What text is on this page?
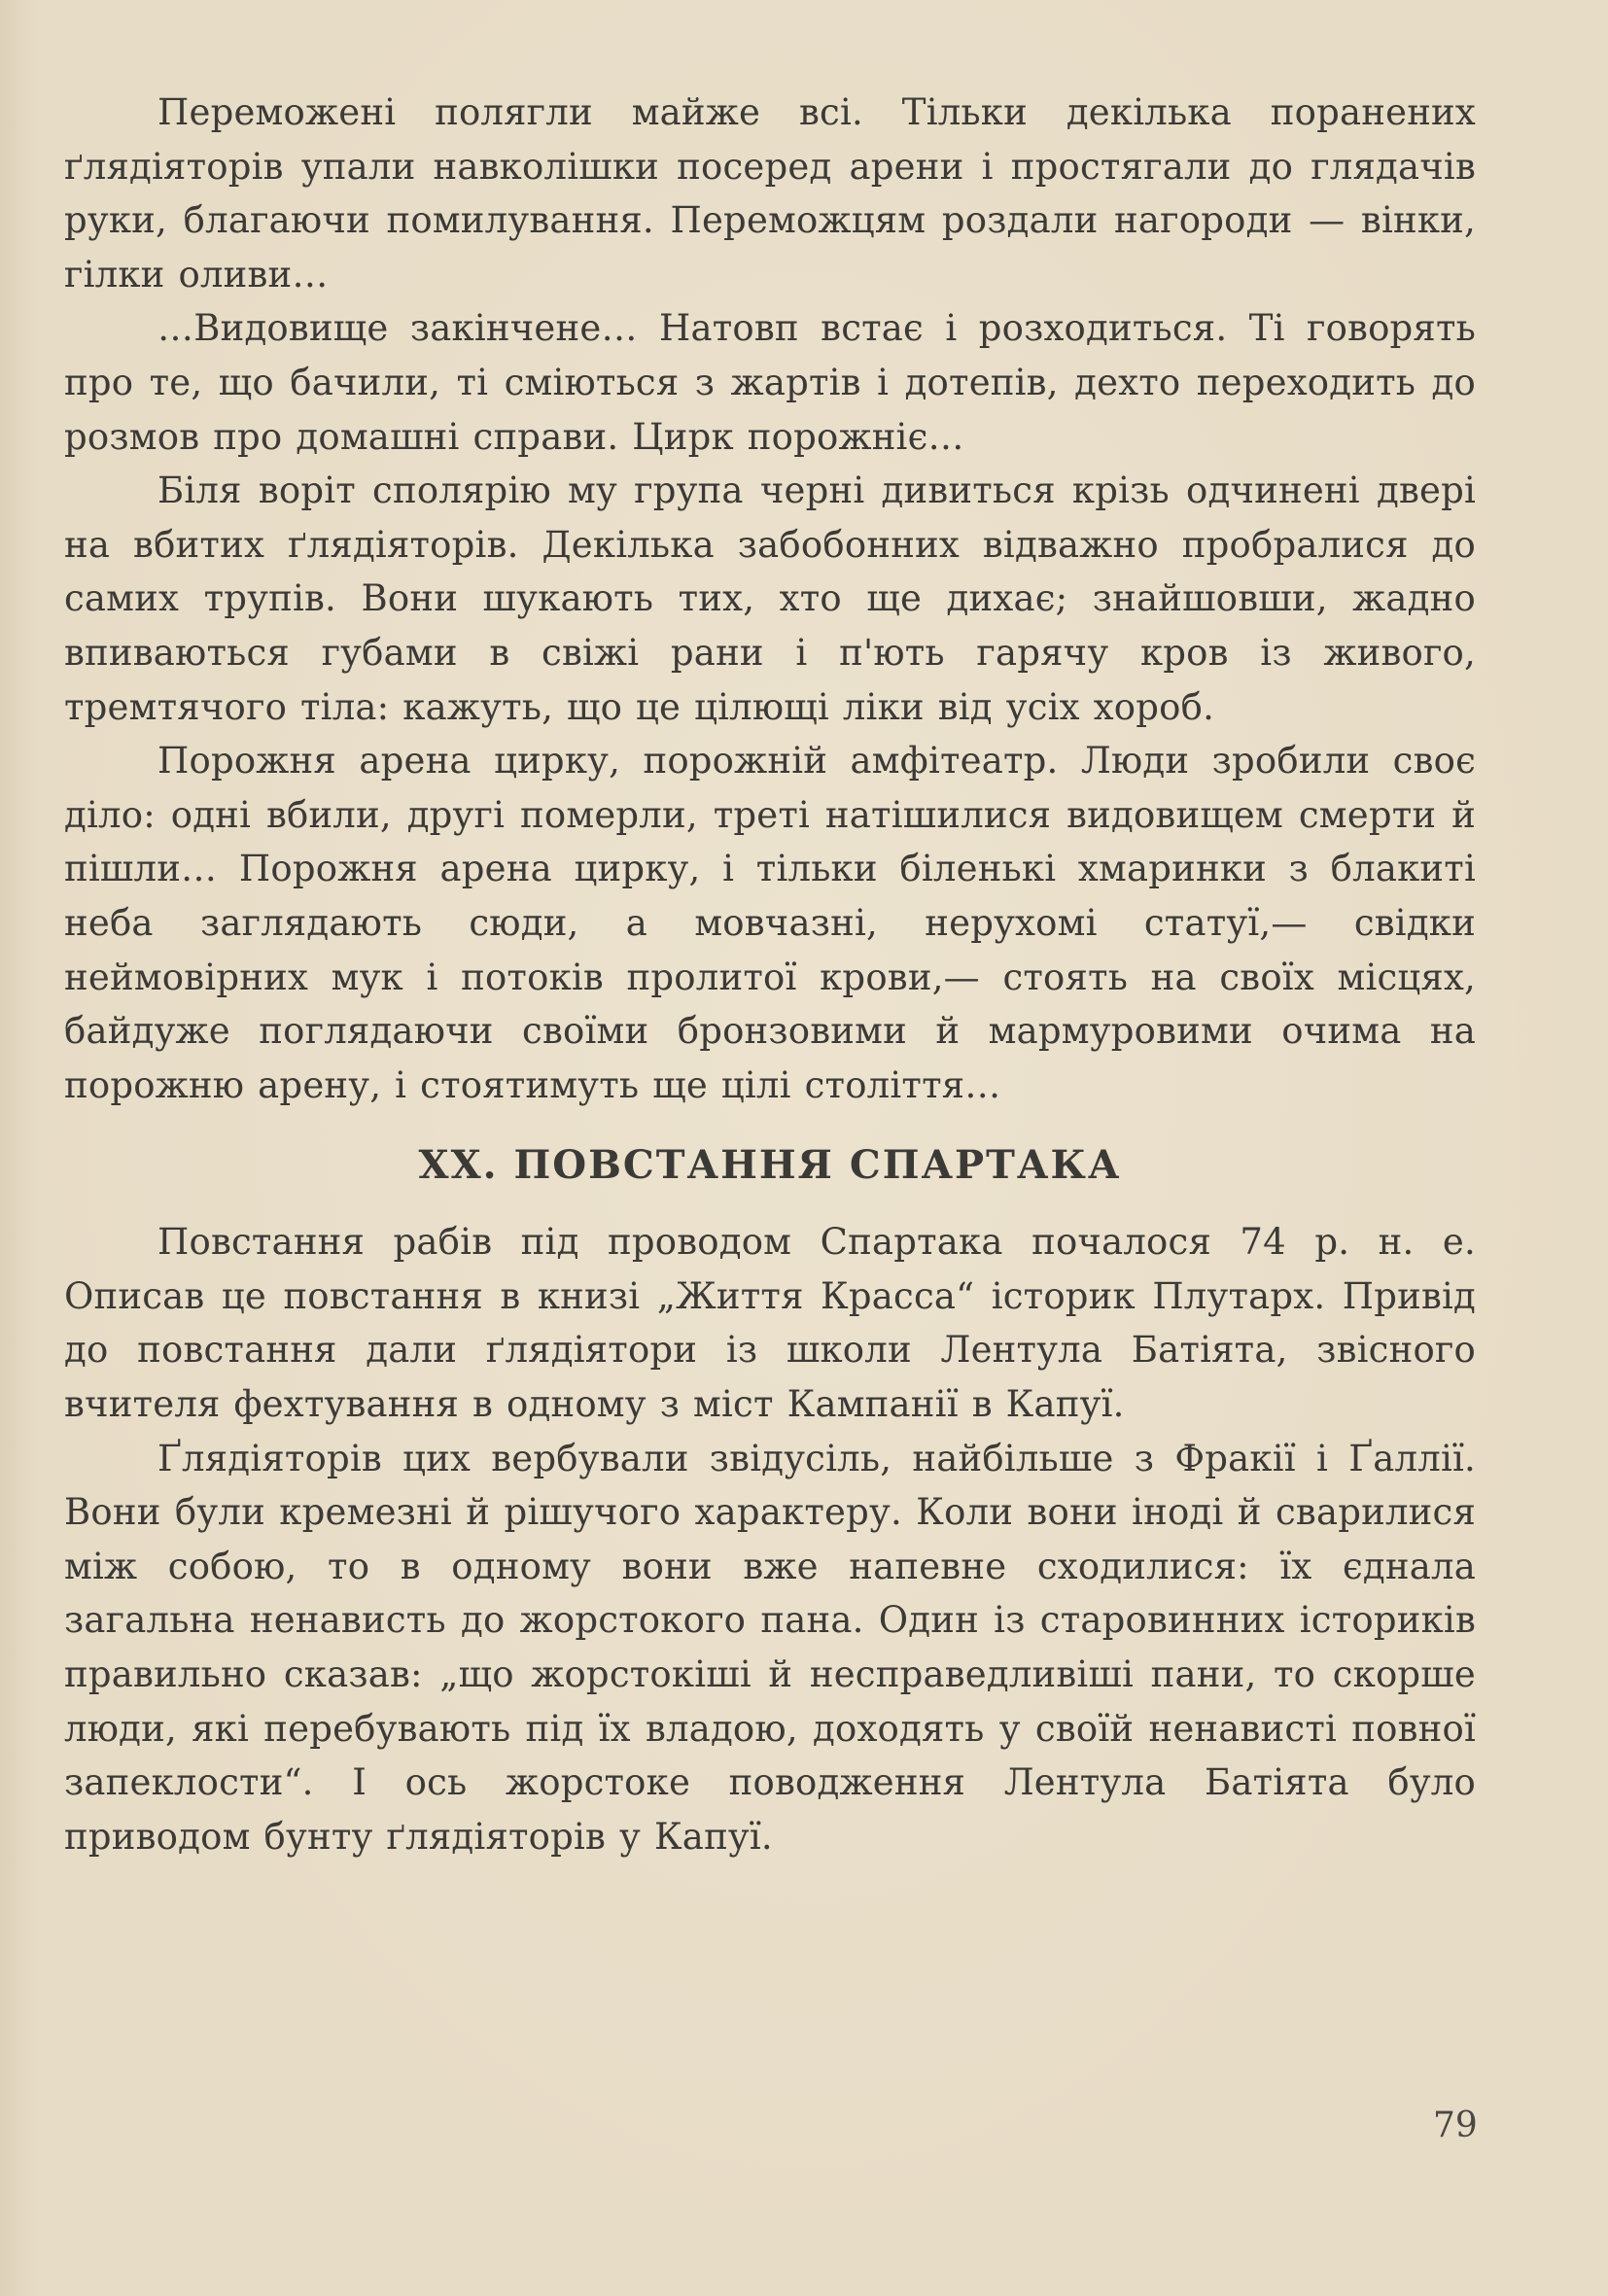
Переможені полягли майже всі. Тільки декілька поранених ґлядіяторів упали навколішки посеред арени і простягали до глядачів руки, благаючи помилування. Переможцям роздали нагороди — вінки, гілки оливи…

…Видовище закінчене… Натовп встає і розходиться. Ті говорять про те, що бачили, ті сміються з жартів і дотепів, дехто переходить до розмов про домашні справи. Цирк порожніє…

Біля воріт сполярію му група черні дивиться крізь одчинені двері на вбитих ґлядіяторів. Декілька забобонних відважно пробралися до самих трупів. Вони шукають тих, хто ще дихає; знайшовши, жадно впиваються губами в свіжі рани і п'ють гарячу кров із живого, тремтячого тіла: кажуть, що це цілющі ліки від усіх хороб.

Порожня арена цирку, порожній амфітеатр. Люди зробили своє діло: одні вбили, другі померли, треті натішилися видовищем смерти й пішли… Порожня арена цирку, і тільки біленькі хмаринки з блакиті неба заглядають сюди, а мовчазні, нерухомі статуї,— свідки неймовірних мук і потоків пролитої крови,— стоять на своїх місцях, байдуже поглядаючи своїми бронзовими й мармуровими очима на порожню арену, і стоятимуть ще цілі століття…

XX. ПОВСТАННЯ СПАРТАКА

Повстання рабів під проводом Спартака почалося 74 р. н. е. Описав це повстання в книзі „Життя Красса“ історик Плутарх. Привід до повстання дали ґлядіятори із школи Лентула Батіята, звісного вчителя фехтування в одному з міст Кампанії в Капуї.

Ґлядіяторів цих вербували звідусіль, найбільше з Фракії і Ґаллії. Вони були кремезні й рішучого характеру. Коли вони іноді й сварилися між собою, то в одному вони вже напевне сходилися: їх єднала загальна ненависть до жорстокого пана. Один із старовинних істориків правильно сказав: „що жорстокіші й несправедливіші пани, то скорше люди, які перебувають під їх владою, доходять у своїй ненависті повної запеклости“. І ось жорстоке поводження Лентула Батіята було приводом бунту ґлядіяторів у Капуї.

79
